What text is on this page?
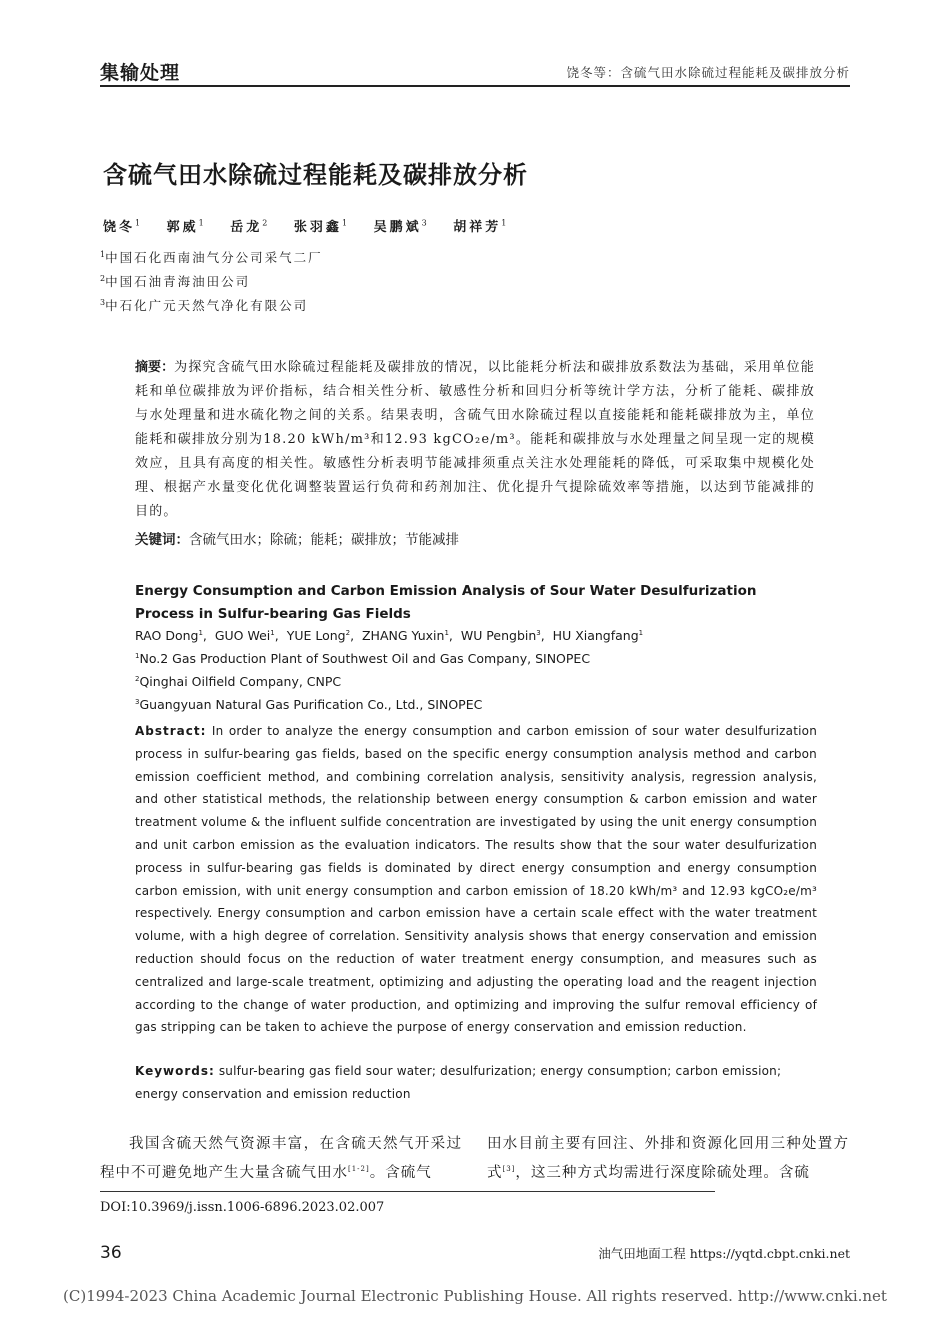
集输处理	饶冬等：含硫气田水除硫过程能耗及碳排放分析
含硫气田水除硫过程能耗及碳排放分析
饶冬$^1$ 郭威$^1$ 岳龙$^2$ 张羽鑫$^1$ 吴鹏斌$^3$ 胡祥芳$^1$
$^1$中国石化西南油气分公司采气二厂
$^2$中国石油青海油田公司
$^3$中石化广元天然气净化有限公司
摘要：为探究含硫气田水除硫过程能耗及碳排放的情况，以比能耗分析法和碳排放系数法为基础，采用单位能耗和单位碳排放为评价指标，结合相关性分析、敏感性分析和回归分析等统计学方法，分析了能耗、碳排放与水处理量和进水硫化物之间的关系。结果表明，含硫气田水除硫过程以直接能耗和能耗碳排放为主，单位能耗和碳排放分别为18.20 kWh/m³和12.93 kgCO₂e/m³。能耗和碳排放与水处理量之间呈现一定的规模效应，且具有高度的相关性。敏感性分析表明节能减排须重点关注水处理能耗的降低，可采取集中规模化处理、根据产水量变化优化调整装置运行负荷和药剂加注、优化提升气提除硫效率等措施，以达到节能减排的目的。
关键词：含硫气田水；除硫；能耗；碳排放；节能减排
Energy Consumption and Carbon Emission Analysis of Sour Water Desulfurization Process in Sulfur-bearing Gas Fields
RAO Dong$^1$,  GUO Wei$^1$,  YUE Long$^2$,  ZHANG Yuxin$^1$,  WU Pengbin$^3$,  HU Xiangfang$^1$
$^1$No.2 Gas Production Plant of Southwest Oil and Gas Company, SINOPEC
$^2$Qinghai Oilfield Company, CNPC
$^3$Guangyuan Natural Gas Purification Co., Ltd., SINOPEC
Abstract: In order to analyze the energy consumption and carbon emission of sour water desulfurization process in sulfur-bearing gas fields, based on the specific energy consumption analysis method and carbon emission coefficient method, and combining correlation analysis, sensitivity analysis, regression analysis, and other statistical methods, the relationship between energy consumption & carbon emission and water treatment volume & the influent sulfide concentration are investigated by using the unit energy consumption and unit carbon emission as the evaluation indicators. The results show that the sour water desulfurization process in sulfur-bearing gas fields is dominated by direct energy consumption and energy consumption carbon emission, with unit energy consumption and carbon emission of 18.20 kWh/m³ and 12.93 kgCO₂e/m³ respectively. Energy consumption and carbon emission have a certain scale effect with the water treatment volume, with a high degree of correlation. Sensitivity analysis shows that energy conservation and emission reduction should focus on the reduction of water treatment energy consumption, and measures such as centralized and large-scale treatment, optimizing and adjusting the operating load and the reagent injection according to the change of water production, and optimizing and improving the sulfur removal efficiency of gas stripping can be taken to achieve the purpose of energy conservation and emission reduction.
Keywords: sulfur-bearing gas field sour water; desulfurization; energy consumption; carbon emission; energy conservation and emission reduction
我国含硫天然气资源丰富，在含硫天然气开采过程中不可避免地产生大量含硫气田水[1-2]。含硫气
田水目前主要有回注、外排和资源化回用三种处置方式[3]，这三种方式均需进行深度除硫处理。含硫
DOI:10.3969/j.issn.1006-6896.2023.02.007
36	油气田地面工程 https://yqtd.cbpt.cnki.net
(C)1994-2023 China Academic Journal Electronic Publishing House. All rights reserved. http://www.cnki.net
